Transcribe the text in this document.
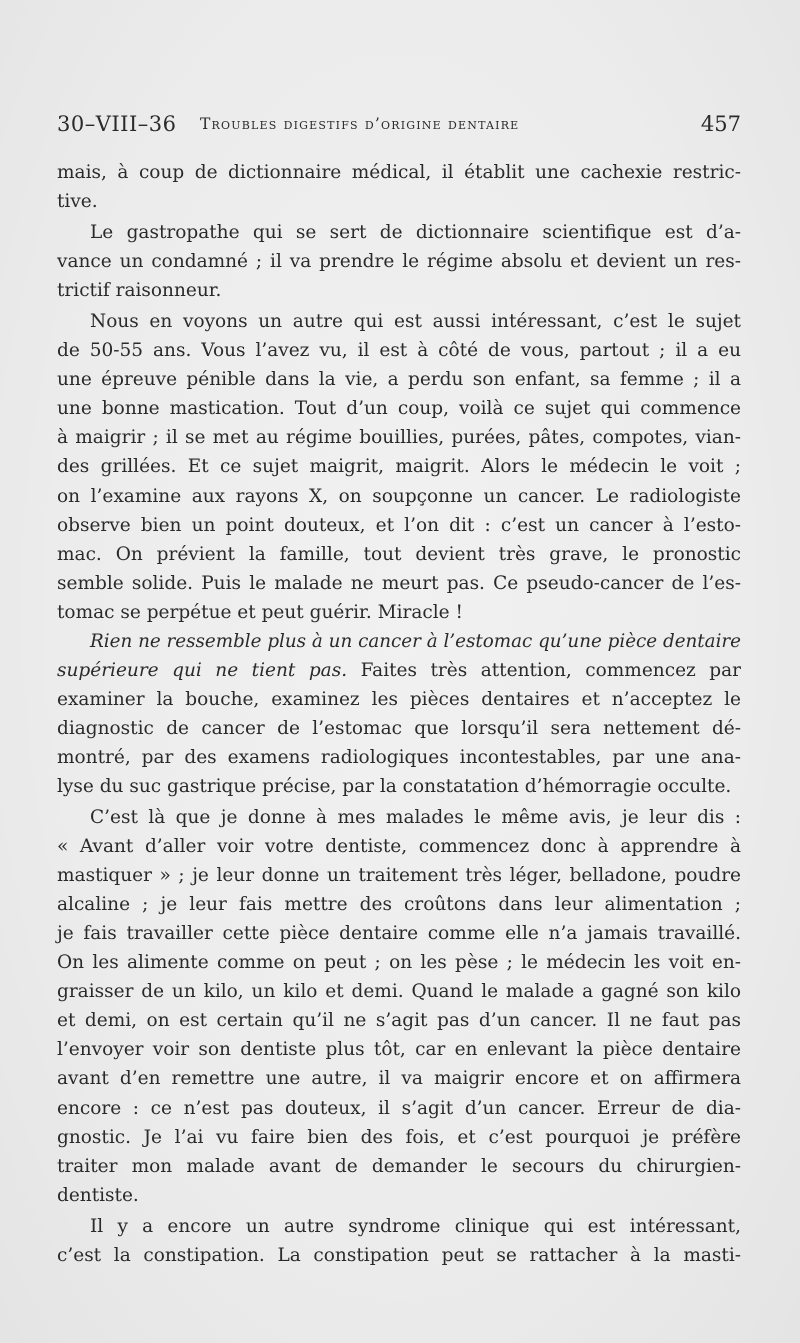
30–VIII–36 Troubles digestifs d’origine dentaire	457
mais, à coup de dictionnaire médical, il établit une cachexie restric-
tive.
Le gastropathe qui se sert de dictionnaire scientifique est d’a-
vance un condamné ; il va prendre le régime absolu et devient un res-
trictif raisonneur.
Nous en voyons un autre qui est aussi intéressant, c’est le sujet
de 50-55 ans. Vous l’avez vu, il est à côté de vous, partout ; il a eu
une épreuve pénible dans la vie, a perdu son enfant, sa femme ; il a
une bonne mastication. Tout d’un coup, voilà ce sujet qui commence
à maigrir ; il se met au régime bouillies, purées, pâtes, compotes, vian-
des grillées. Et ce sujet maigrit, maigrit. Alors le médecin le voit ;
on l’examine aux rayons X, on soupçonne un cancer. Le radiologiste
observe bien un point douteux, et l’on dit : c’est un cancer à l’esto-
mac. On prévient la famille, tout devient très grave, le pronostic
semble solide. Puis le malade ne meurt pas. Ce pseudo-cancer de l’es-
tomac se perpétue et peut guérir. Miracle !
Rien ne ressemble plus à un cancer à l’estomac qu’une pièce dentaire
supérieure qui ne tient pas. Faites très attention, commencez par
examiner la bouche, examinez les pièces dentaires et n’acceptez le
diagnostic de cancer de l’estomac que lorsqu’il sera nettement dé-
montré, par des examens radiologiques incontestables, par une ana-
lyse du suc gastrique précise, par la constatation d’hémorragie occulte.
C’est là que je donne à mes malades le même avis, je leur dis :
« Avant d’aller voir votre dentiste, commencez donc à apprendre à
mastiquer » ; je leur donne un traitement très léger, belladone, poudre
alcaline ; je leur fais mettre des croûtons dans leur alimentation ;
je fais travailler cette pièce dentaire comme elle n’a jamais travaillé.
On les alimente comme on peut ; on les pèse ; le médecin les voit en-
graisser de un kilo, un kilo et demi. Quand le malade a gagné son kilo
et demi, on est certain qu’il ne s’agit pas d’un cancer. Il ne faut pas
l’envoyer voir son dentiste plus tôt, car en enlevant la pièce dentaire
avant d’en remettre une autre, il va maigrir encore et on affirmera
encore : ce n’est pas douteux, il s’agit d’un cancer. Erreur de dia-
gnostic. Je l’ai vu faire bien des fois, et c’est pourquoi je préfère
traiter mon malade avant de demander le secours du chirurgien-
dentiste.
Il y a encore un autre syndrome clinique qui est intéressant,
c’est la constipation. La constipation peut se rattacher à la masti-
